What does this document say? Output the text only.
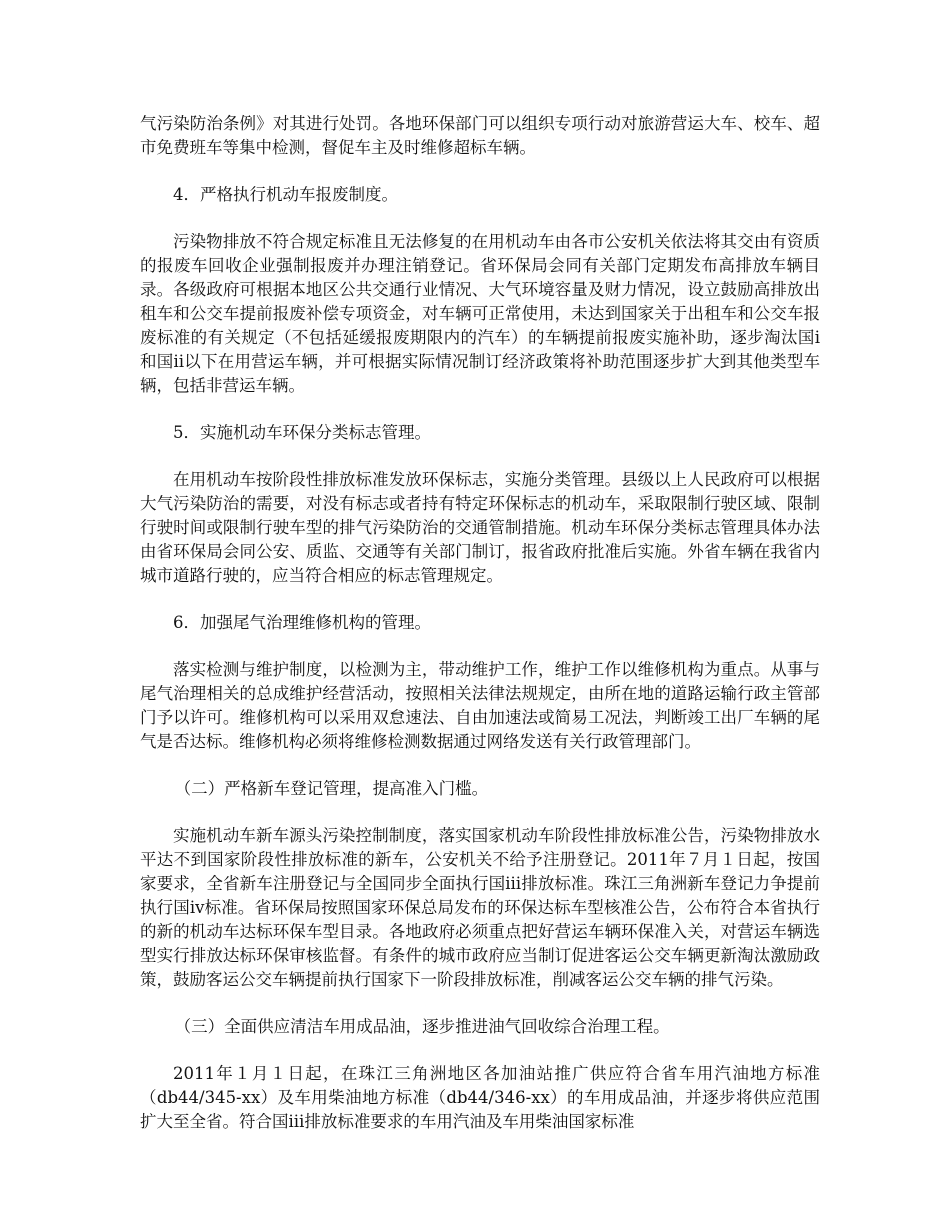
气污染防治条例》对其进行处罚。各地环保部门可以组织专项行动对旅游营运大车、校车、超市免费班车等集中检测，督促车主及时维修超标车辆。

4．严格执行机动车报废制度。

污染物排放不符合规定标准且无法修复的在用机动车由各市公安机关依法将其交由有资质的报废车回收企业强制报废并办理注销登记。省环保局会同有关部门定期发布高排放车辆目录。各级政府可根据本地区公共交通行业情况、大气环境容量及财力情况，设立鼓励高排放出租车和公交车提前报废补偿专项资金，对车辆可正常使用，未达到国家关于出租车和公交车报废标准的有关规定（不包括延缓报废期限内的汽车）的车辆提前报废实施补助，逐步淘汰国ⅰ和国ⅱ以下在用营运车辆，并可根据实际情况制订经济政策将补助范围逐步扩大到其他类型车辆，包括非营运车辆。

5．实施机动车环保分类标志管理。

在用机动车按阶段性排放标准发放环保标志，实施分类管理。县级以上人民政府可以根据大气污染防治的需要，对没有标志或者持有特定环保标志的机动车，采取限制行驶区域、限制行驶时间或限制行驶车型的排气污染防治的交通管制措施。机动车环保分类标志管理具体办法由省环保局会同公安、质监、交通等有关部门制订，报省政府批准后实施。外省车辆在我省内城市道路行驶的，应当符合相应的标志管理规定。

6．加强尾气治理维修机构的管理。

落实检测与维护制度，以检测为主，带动维护工作，维护工作以维修机构为重点。从事与尾气治理相关的总成维护经营活动，按照相关法律法规规定，由所在地的道路运输行政主管部门予以许可。维修机构可以采用双怠速法、自由加速法或简易工况法，判断竣工出厂车辆的尾气是否达标。维修机构必须将维修检测数据通过网络发送有关行政管理部门。

（二）严格新车登记管理，提高准入门槛。

实施机动车新车源头污染控制制度，落实国家机动车阶段性排放标准公告，污染物排放水平达不到国家阶段性排放标准的新车，公安机关不给予注册登记。2011年７月１日起，按国家要求，全省新车注册登记与全国同步全面执行国ⅲ排放标准。珠江三角洲新车登记力争提前执行国ⅳ标准。省环保局按照国家环保总局发布的环保达标车型核准公告，公布符合本省执行的新的机动车达标环保车型目录。各地政府必须重点把好营运车辆环保准入关，对营运车辆选型实行排放达标环保审核监督。有条件的城市政府应当制订促进客运公交车辆更新淘汰激励政策，鼓励客运公交车辆提前执行国家下一阶段排放标准，削减客运公交车辆的排气污染。

（三）全面供应清洁车用成品油，逐步推进油气回收综合治理工程。

2011年１月１日起，在珠江三角洲地区各加油站推广供应符合省车用汽油地方标准（db44/345-xx）及车用柴油地方标准（db44/346-xx）的车用成品油，并逐步将供应范围扩大至全省。符合国ⅲ排放标准要求的车用汽油及车用柴油国家标准
